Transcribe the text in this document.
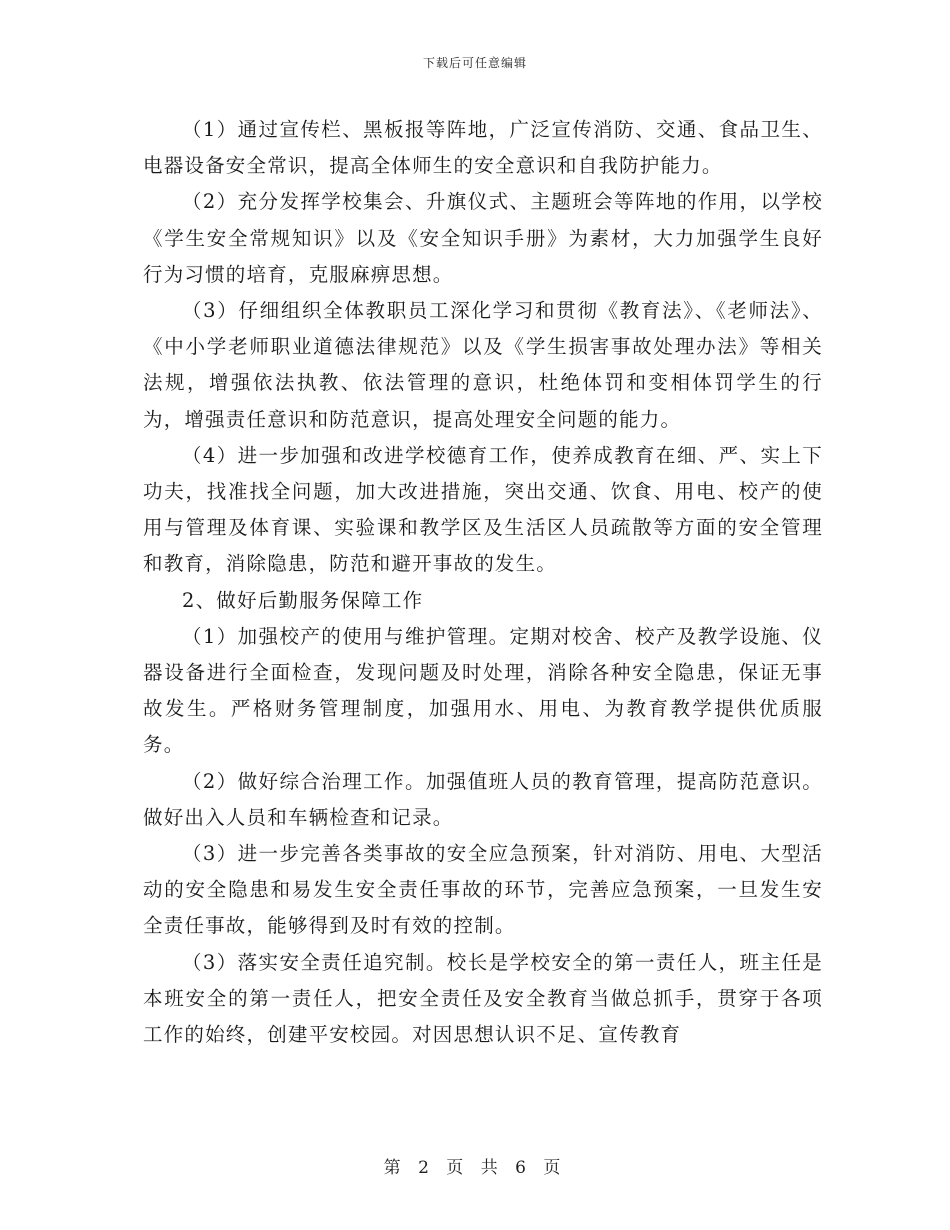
下载后可任意编辑

（1）通过宣传栏、黑板报等阵地，广泛宣传消防、交通、食品卫生、电器设备安全常识，提高全体师生的安全意识和自我防护能力。

（2）充分发挥学校集会、升旗仪式、主题班会等阵地的作用，以学校《学生安全常规知识》以及《安全知识手册》为素材，大力加强学生良好行为习惯的培育，克服麻痹思想。

（3）仔细组织全体教职员工深化学习和贯彻《教育法》、《老师法》、《中小学老师职业道德法律规范》以及《学生损害事故处理办法》等相关法规，增强依法执教、依法管理的意识，杜绝体罚和变相体罚学生的行为，增强责任意识和防范意识，提高处理安全问题的能力。

（4）进一步加强和改进学校德育工作，使养成教育在细、严、实上下功夫，找准找全问题，加大改进措施，突出交通、饮食、用电、校产的使用与管理及体育课、实验课和教学区及生活区人员疏散等方面的安全管理和教育，消除隐患，防范和避开事故的发生。

2、做好后勤服务保障工作

（1）加强校产的使用与维护管理。定期对校舍、校产及教学设施、仪器设备进行全面检查，发现问题及时处理，消除各种安全隐患，保证无事故发生。严格财务管理制度，加强用水、用电、为教育教学提供优质服务。

（2）做好综合治理工作。加强值班人员的教育管理，提高防范意识。做好出入人员和车辆检查和记录。

（3）进一步完善各类事故的安全应急预案，针对消防、用电、大型活动的安全隐患和易发生安全责任事故的环节，完善应急预案，一旦发生安全责任事故，能够得到及时有效的控制。

（3）落实安全责任追究制。校长是学校安全的第一责任人，班主任是本班安全的第一责任人，把安全责任及安全教育当做总抓手，贯穿于各项工作的始终，创建平安校园。对因思想认识不足、宣传教育

第 2 页 共 6 页
